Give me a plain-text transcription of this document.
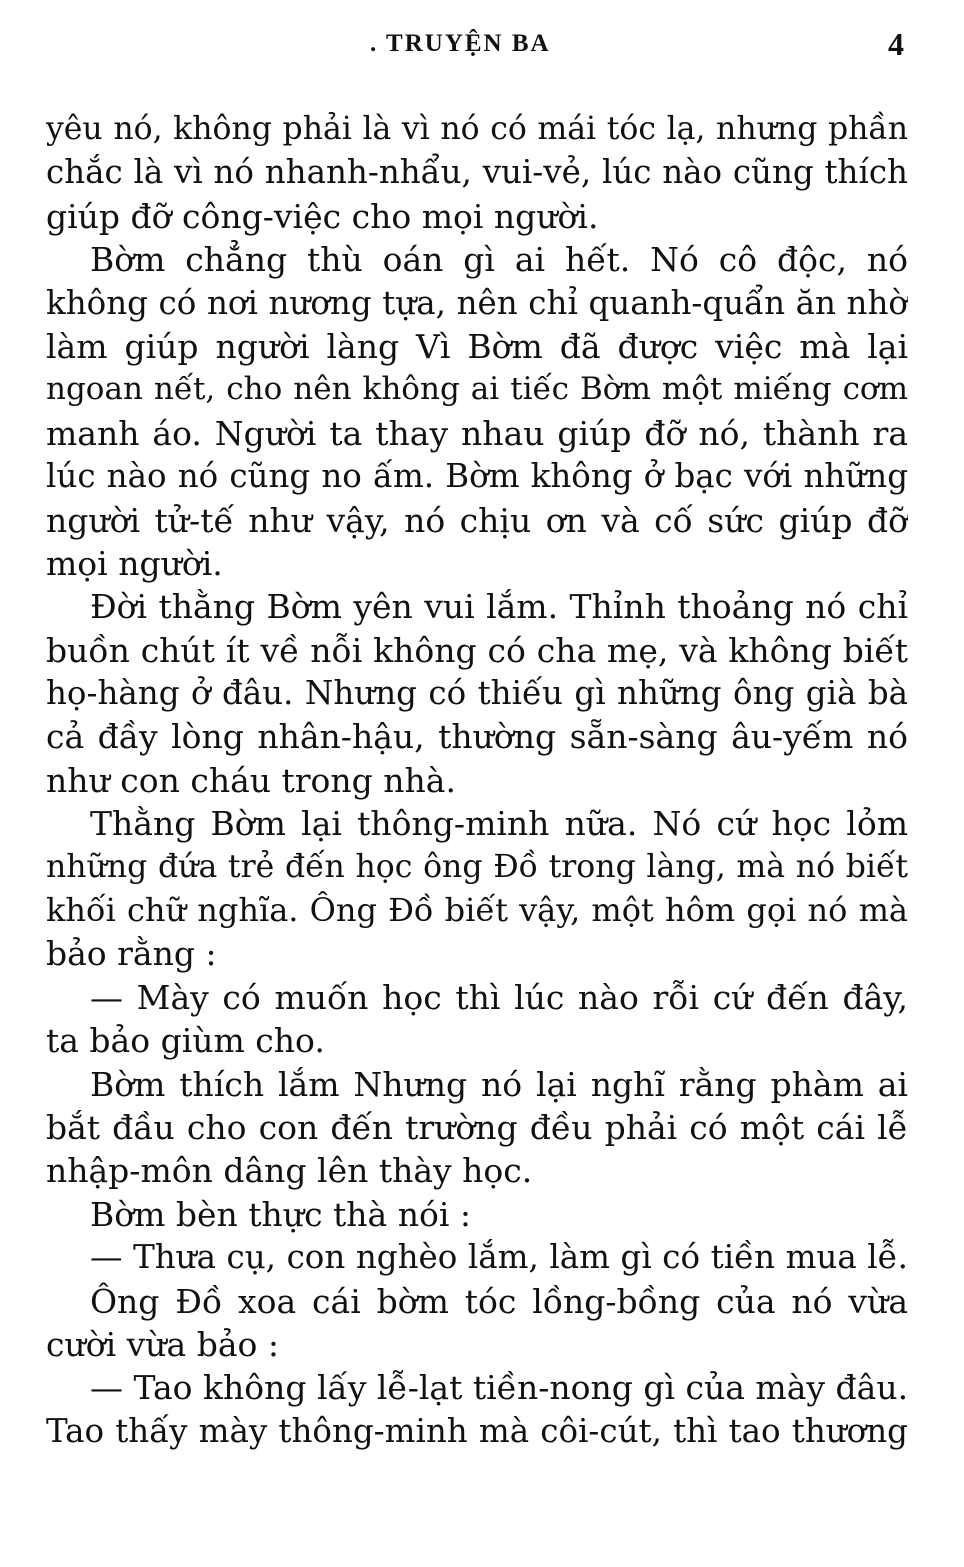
. TRUYỆN BA	4
yêu nó, không phải là vì nó có mái tóc lạ, nhưng phần
chắc là vì nó nhanh-nhẩu, vui-vẻ, lúc nào cũng thích
giúp đỡ công-việc cho mọi người.
Bờm chẳng thù oán gì ai hết. Nó cô độc, nó
không có nơi nương tựa, nên chỉ quanh-quẩn ăn nhờ
làm giúp người làng Vì Bờm đã được việc mà lại
ngoan nết, cho nên không ai tiếc Bờm một miếng cơm
manh áo. Người ta thay nhau giúp đỡ nó, thành ra
lúc nào nó cũng no ấm. Bờm không ở bạc với những
người tử-tế như vậy, nó chịu ơn và cố sức giúp đỡ
mọi người.
Đời thằng Bờm yên vui lắm. Thỉnh thoảng nó chỉ
buồn chút ít về nỗi không có cha mẹ, và không biết
họ-hàng ở đâu. Nhưng có thiếu gì những ông già bà
cả đầy lòng nhân-hậu, thường sẵn-sàng âu-yếm nó
như con cháu trong nhà.
Thằng Bờm lại thông-minh nữa. Nó cứ học lỏm
những đứa trẻ đến học ông Đồ trong làng, mà nó biết
khối chữ nghĩa. Ông Đồ biết vậy, một hôm gọi nó mà
bảo rằng :
— Mày có muốn học thì lúc nào rỗi cứ đến đây,
ta bảo giùm cho.
Bờm thích lắm Nhưng nó lại nghĩ rằng phàm ai
bắt đầu cho con đến trường đều phải có một cái lễ
nhập-môn dâng lên thày học.
Bờm bèn thực thà nói :
— Thưa cụ, con nghèo lắm, làm gì có tiền mua lễ.
Ông Đồ xoa cái bờm tóc lồng-bồng của nó vừa
cười vừa bảo :
— Tao không lấy lễ-lạt tiền-nong gì của mày đâu.
Tao thấy mày thông-minh mà côi-cút, thì tao thương
